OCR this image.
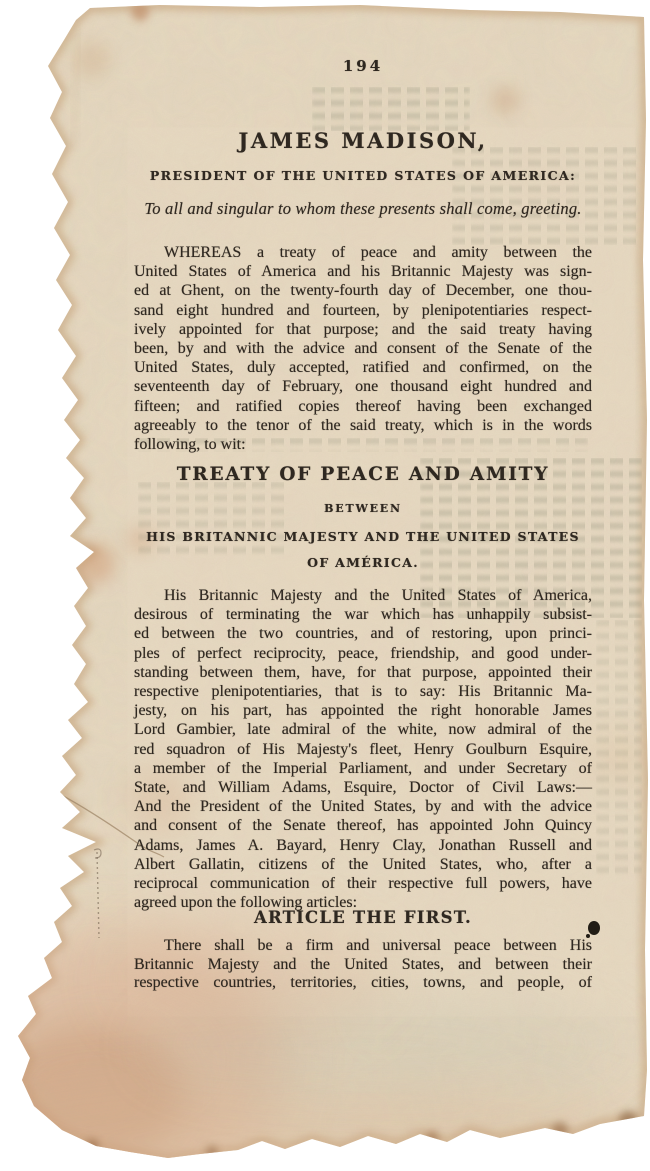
194
JAMES MADISON,
PRESIDENT OF THE UNITED STATES OF AMERICA:
To all and singular to whom these presents shall come, greeting.
WHEREAS a treaty of peace and amity between the
United States of America and his Britannic Majesty was sign-
ed at Ghent, on the twenty-fourth day of December, one thou-
sand eight hundred and fourteen, by plenipotentiaries respect-
ively appointed for that purpose; and the said treaty having
been, by and with the advice and consent of the Senate of the
United States, duly accepted, ratified and confirmed, on the
seventeenth day of February, one thousand eight hundred and
fifteen; and ratified copies thereof having been exchanged
agreeably to the tenor of the said treaty, which is in the words
following, to wit:
TREATY OF PEACE AND AMITY
BETWEEN
HIS BRITANNIC MAJESTY AND THE UNITED STATES
OF AMÉRICA.
His Britannic Majesty and the United States of America,
desirous of terminating the war which has unhappily subsist-
ed between the two countries, and of restoring, upon princi-
ples of perfect reciprocity, peace, friendship, and good under-
standing between them, have, for that purpose, appointed their
respective plenipotentiaries, that is to say: His Britannic Ma-
jesty, on his part, has appointed the right honorable James
Lord Gambier, late admiral of the white, now admiral of the
red squadron of His Majesty's fleet, Henry Goulburn Esquire,
a member of the Imperial Parliament, and under Secretary of
State, and William Adams, Esquire, Doctor of Civil Laws:—
And the President of the United States, by and with the advice
and consent of the Senate thereof, has appointed John Quincy
Adams, James A. Bayard, Henry Clay, Jonathan Russell and
Albert Gallatin, citizens of the United States, who, after a
reciprocal communication of their respective full powers, have
agreed upon the following articles:
ARTICLE THE FIRST.
There shall be a firm and universal peace between His
Britannic Majesty and the United States, and between their
respective countries, territories, cities, towns, and people, of
